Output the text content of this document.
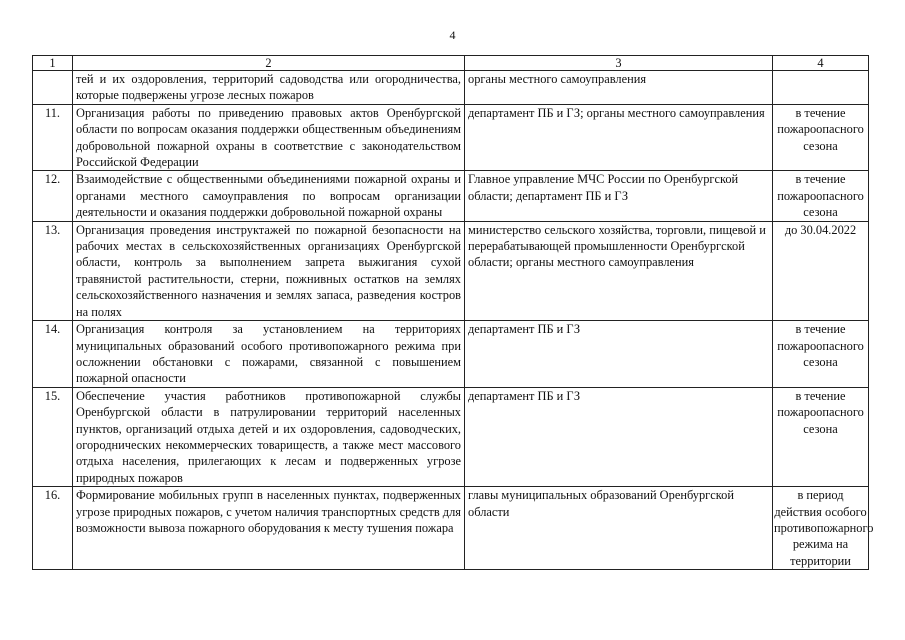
4
1	2	3	4
	тей и их оздоровления, территорий садоводства или огородничества, которые подвержены угрозе лесных пожаров	органы местного самоуправления	
11.	Организация работы по приведению правовых актов Оренбургской области по вопросам оказания поддержки общественным объединениям добровольной пожарной охраны в соответствие с законодательством Российской Федерации	департамент ПБ и ГЗ; органы местного самоуправления	в течение пожароопасного сезона
12.	Взаимодействие с общественными объединениями пожарной охраны и органами местного самоуправления по вопросам организации деятельности и оказания поддержки добровольной пожарной охраны	Главное управление МЧС России по Оренбургской области; департамент ПБ и ГЗ	в течение пожароопасного сезона
13.	Организация проведения инструктажей по пожарной безопасности на рабочих местах в сельскохозяйственных организациях Оренбургской области, контроль за выполнением запрета выжигания сухой травянистой растительности, стерни, пожнивных остатков на землях сельскохозяйственного назначения и землях запаса, разведения костров на полях	министерство сельского хозяйства, торговли, пищевой и перерабатывающей промышленности Оренбургской области; органы местного самоуправления	до 30.04.2022
14.	Организация контроля за установлением на территориях муниципальных образований особого противопожарного режима при осложнении обстановки с пожарами, связанной с повышением пожарной опасности	департамент ПБ и ГЗ	в течение пожароопасного сезона
15.	Обеспечение участия работников противопожарной службы Оренбургской области в патрулировании территорий населенных пунктов, организаций отдыха детей и их оздоровления, садоводческих, огороднических некоммерческих товариществ, а также мест массового отдыха населения, прилегающих к лесам и подверженных угрозе природных пожаров	департамент ПБ и ГЗ	в течение пожароопасного сезона
16.	Формирование мобильных групп в населенных пунктах, подверженных угрозе природных пожаров, с учетом наличия транспортных средств для возможности вывоза пожарного оборудования к месту тушения пожара	главы муниципальных образований Оренбургской области	в период действия особого противопожарного режима на территории
